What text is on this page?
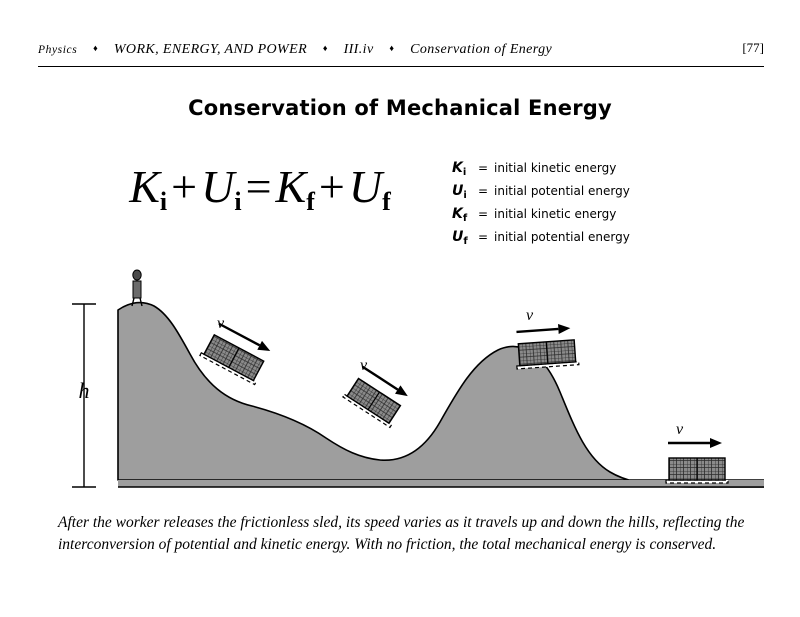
Physics ♦ WORK, ENERGY, AND POWER ♦ III.iv ♦ Conservation of Energy	[77]
Conservation of Mechanical Energy
$K_i+U_i=K_f+U_f$
$K_i$ = initial kinetic energy
$U_i$ = initial potential energy
$K_f$ = initial kinetic energy
$U_f$ = initial potential energy
h
v
v
v
v
After the worker releases the frictionless sled, its speed varies as it travels up and down the hills, reflecting the interconversion of potential and kinetic energy. With no friction, the total mechanical energy is conserved.
